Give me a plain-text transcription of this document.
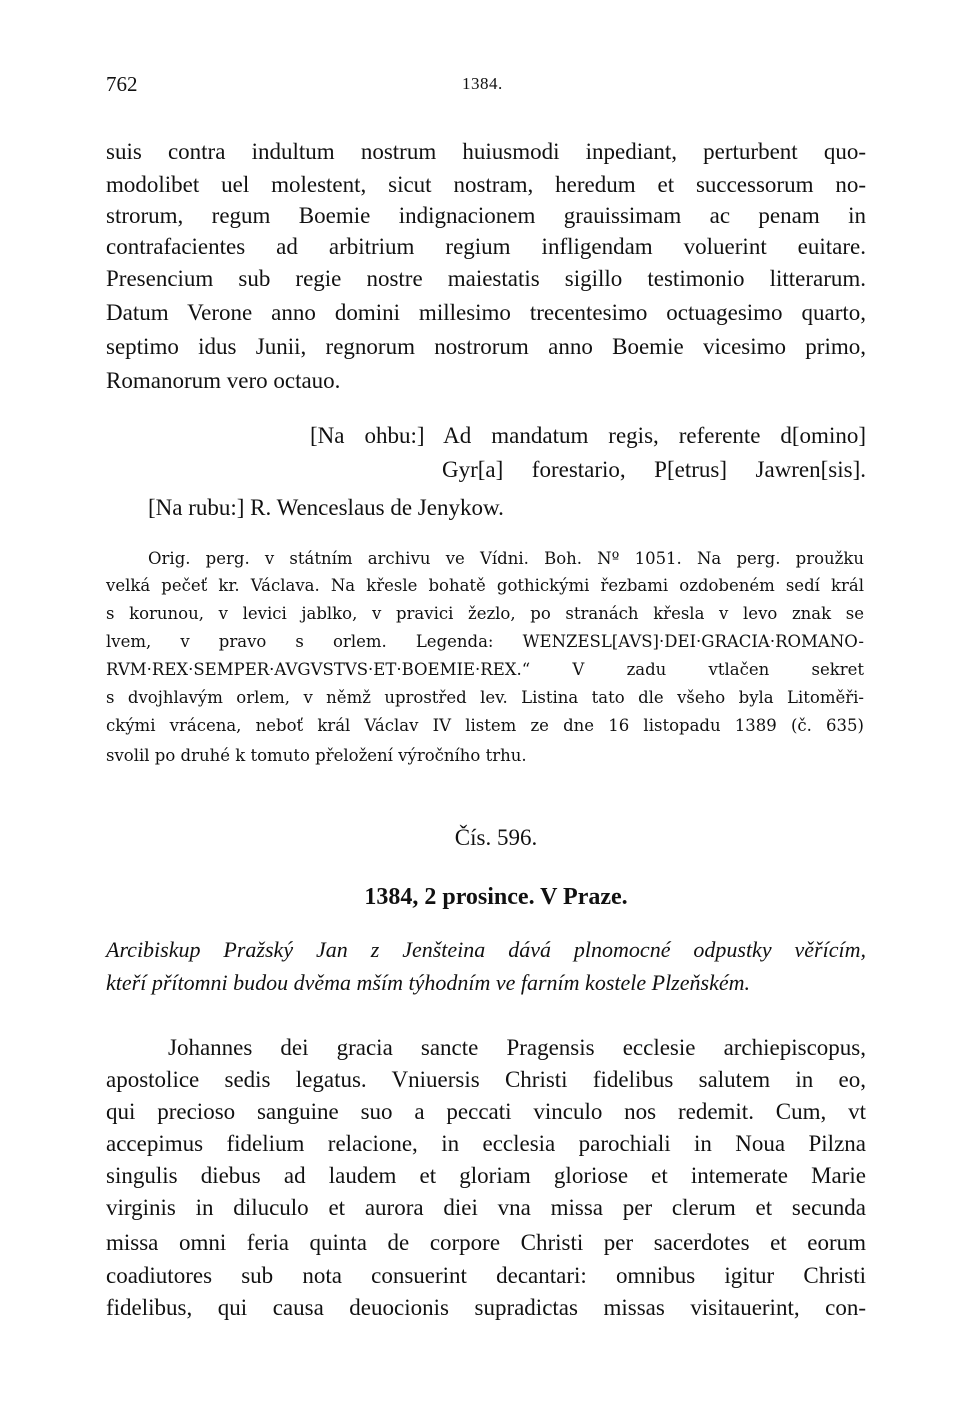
762	1384.
suis contra indultum nostrum huiusmodi inpediant, perturbent quo-
modolibet uel molestent, sicut nostram, heredum et successorum no-
strorum, regum Boemie indignacionem grauissimam ac penam in
contrafacientes ad arbitrium regium infligendam voluerint euitare.
Presencium sub regie nostre maiestatis sigillo testimonio litterarum.
Datum Verone anno domini millesimo trecentesimo octuagesimo quarto,
septimo idus Junii, regnorum nostrorum anno Boemie vicesimo primo,
Romanorum vero octauo.
[Na ohbu:] Ad mandatum regis, referente d[omino]
Gyr[a] forestario, P[etrus] Jawren[sis].
[Na rubu:] R. Wenceslaus de Jenykow.
Orig. perg. v státním archivu ve Vídni. Boh. Nº 1051. Na perg. proužku
velká pečeť kr. Václava. Na křesle bohatě gothickými řezbami ozdobeném sedí král
s korunou, v levici jablko, v pravici žezlo, po stranách křesla v levo znak se
lvem, v pravo s orlem. Legenda: WENZESL[AVS]·DEI·GRACIA·ROMANO-
RVM·REX·SEMPER·AVGVSTVS·ET·BOEMIE·REX.“ V zadu vtlačen sekret
s dvojhlavým orlem, v němž uprostřed lev. Listina tato dle všeho byla Litoměři-
ckými vrácena, neboť král Václav IV listem ze dne 16 listopadu 1389 (č. 635)
svolil po druhé k tomuto přeložení výročního trhu.
Čís. 596.
1384, 2 prosince. V Praze.
Arcibiskup Pražský Jan z Jenšteina dává plnomocné odpustky věřícím,
kteří přítomni budou dvěma mším týhodním ve farním kostele Plzeňském.
Johannes dei gracia sancte Pragensis ecclesie archiepiscopus,
apostolice sedis legatus. Vniuersis Christi fidelibus salutem in eo,
qui precioso sanguine suo a peccati vinculo nos redemit. Cum, vt
accepimus fidelium relacione, in ecclesia parochiali in Noua Pilzna
singulis diebus ad laudem et gloriam gloriose et intemerate Marie
virginis in diluculo et aurora diei vna missa per clerum et secunda
missa omni feria quinta de corpore Christi per sacerdotes et eorum
coadiutores sub nota consuerint decantari: omnibus igitur Christi
fidelibus, qui causa deuocionis supradictas missas visitauerint, con-
